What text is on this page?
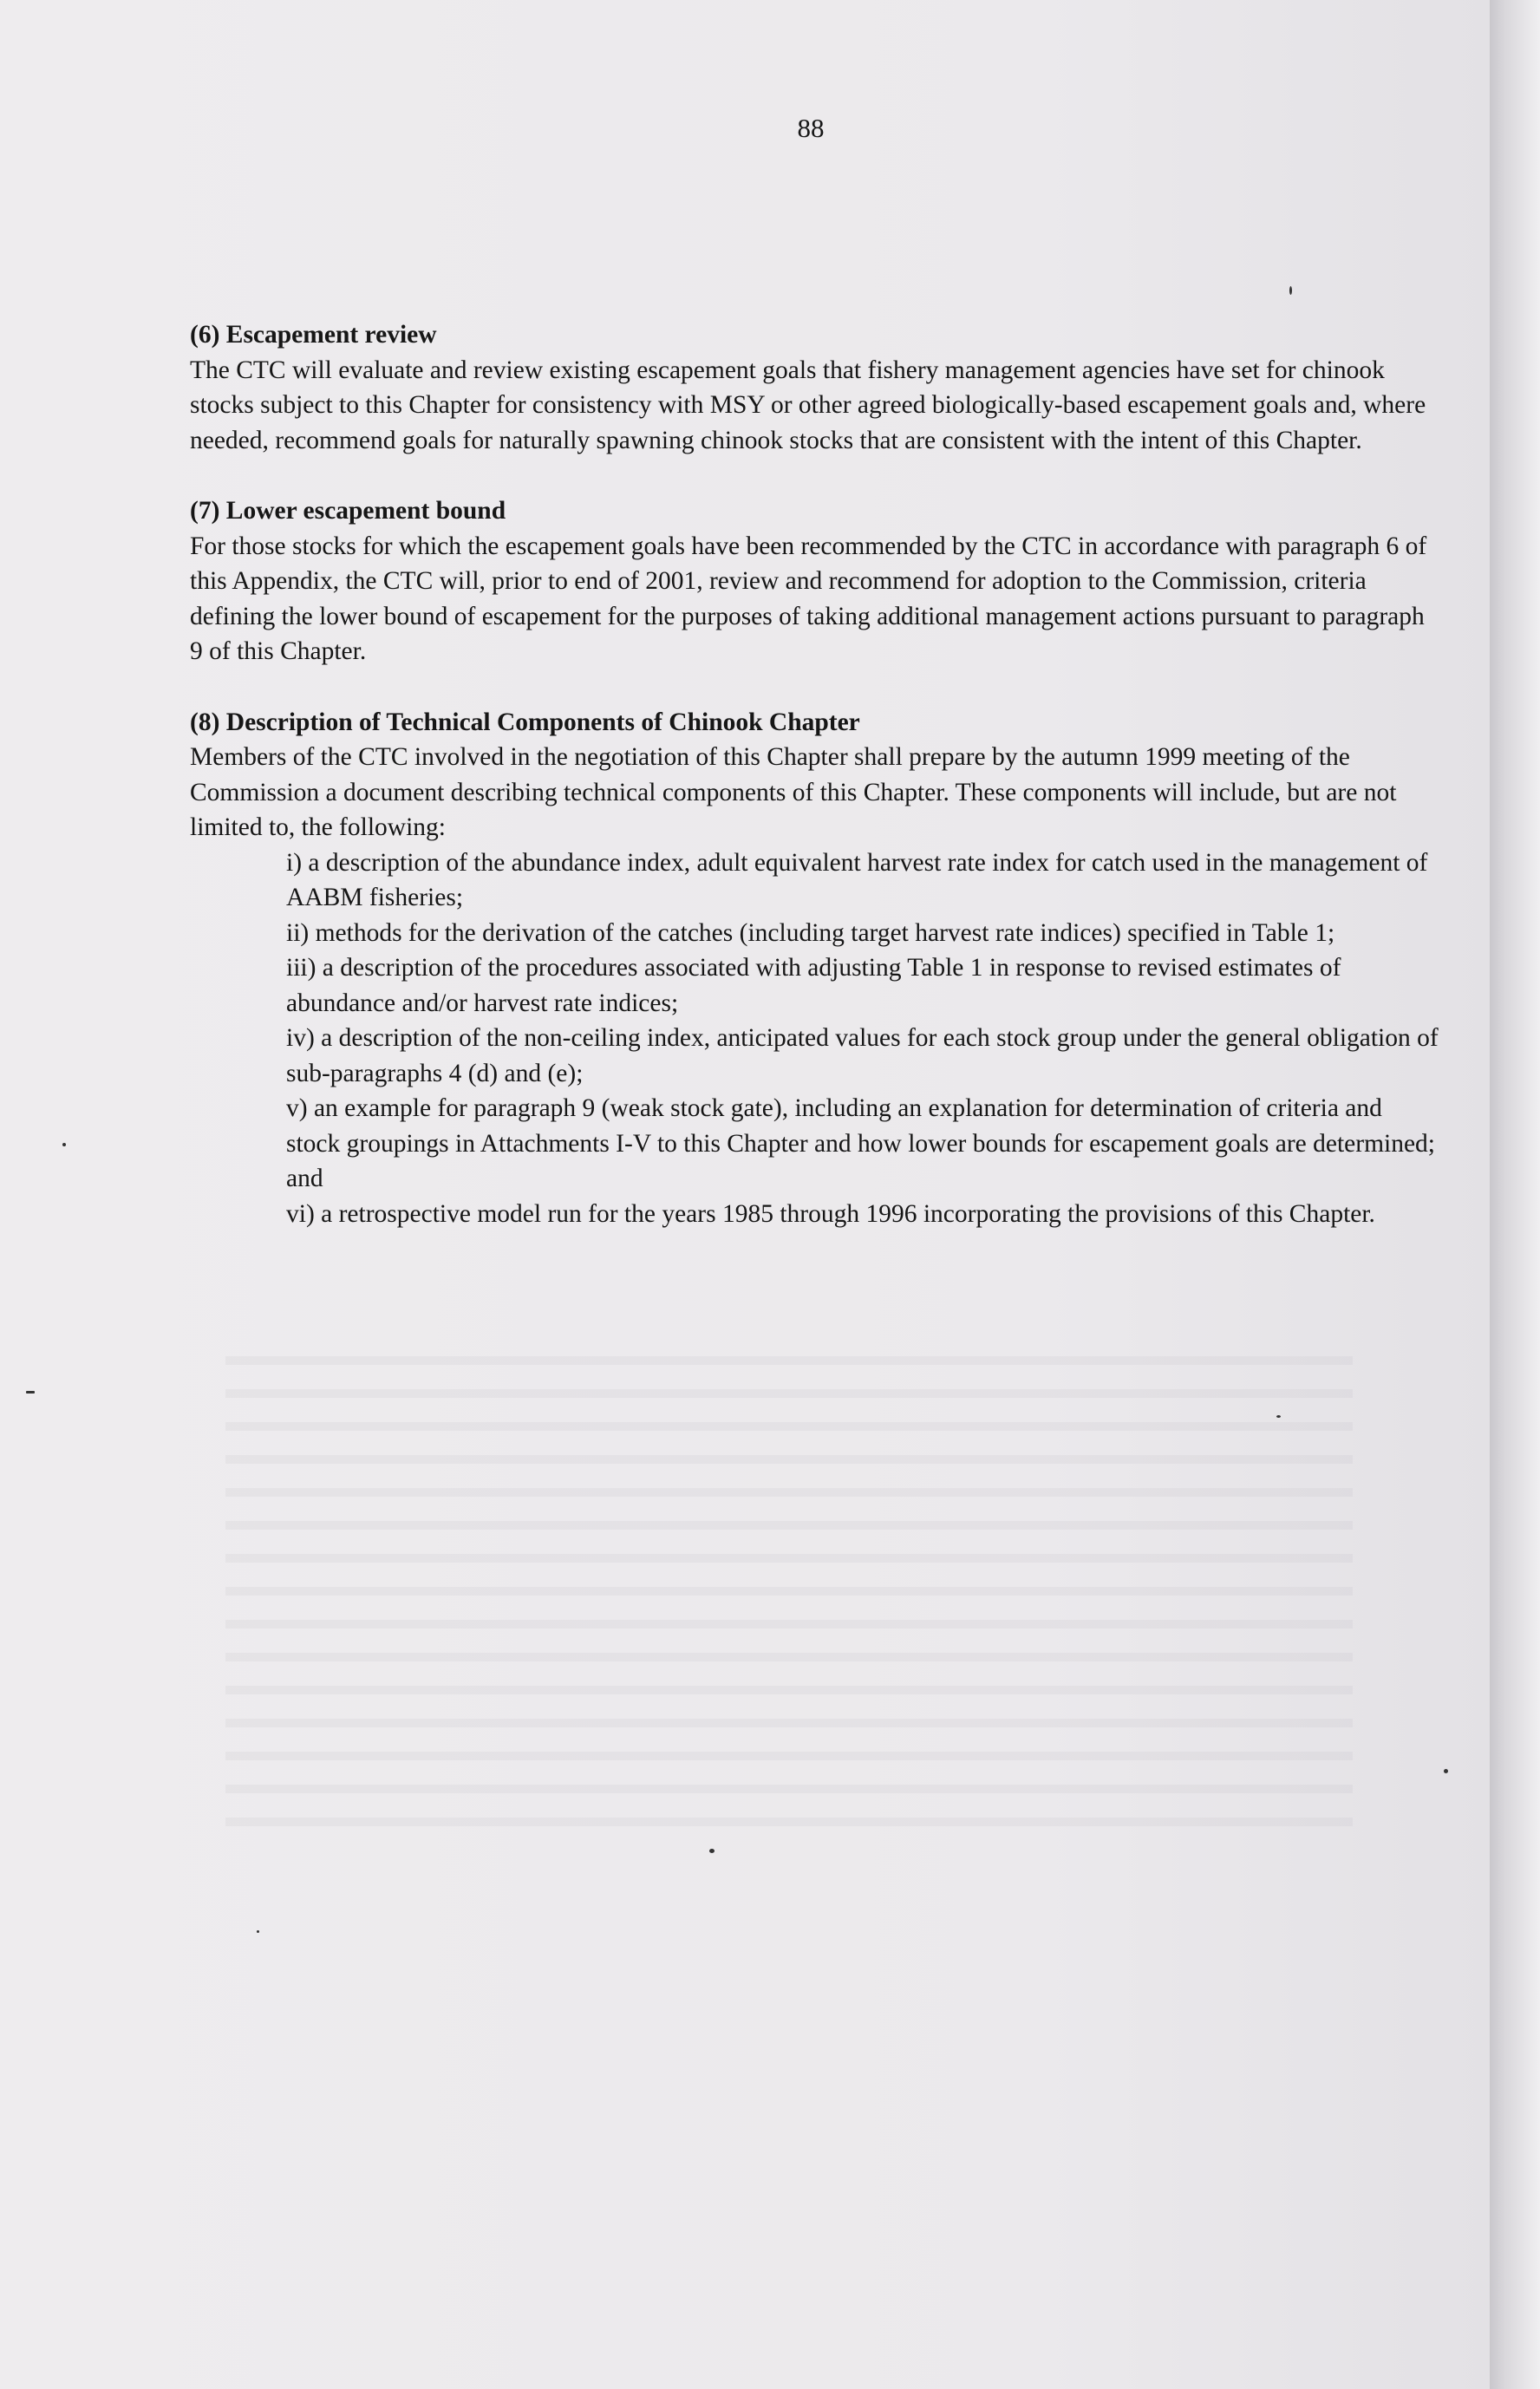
88
(6) Escapement review

The CTC will evaluate and review existing escapement goals that fishery management agencies have set for chinook stocks subject to this Chapter for consistency with MSY or other agreed biologically-based escapement goals and, where needed, recommend goals for naturally spawning chinook stocks that are consistent with the intent of this Chapter.

(7) Lower escapement bound

For those stocks for which the escapement goals have been recommended by the CTC in accordance with paragraph 6 of this Appendix, the CTC will, prior to end of 2001, review and recommend for adoption to the Commission, criteria defining the lower bound of escapement for the purposes of taking additional management actions pursuant to paragraph 9 of this Chapter.

(8) Description of Technical Components of Chinook Chapter

Members of the CTC involved in the negotiation of this Chapter shall prepare by the autumn 1999 meeting of the Commission a document describing technical components of this Chapter. These components will include, but are not limited to, the following:

i) a description of the abundance index, adult equivalent harvest rate index for catch used in the management of AABM fisheries;
ii) methods for the derivation of the catches (including target harvest rate indices) specified in Table 1;
iii) a description of the procedures associated with adjusting Table 1 in response to revised estimates of abundance and/or harvest rate indices;
iv) a description of the non-ceiling index, anticipated values for each stock group under the general obligation of sub-paragraphs 4 (d) and (e);
v) an example for paragraph 9 (weak stock gate), including an explanation for determination of criteria and stock groupings in Attachments I-V to this Chapter and how lower bounds for escapement goals are determined; and
vi) a retrospective model run for the years 1985 through 1996 incorporating the provisions of this Chapter.
